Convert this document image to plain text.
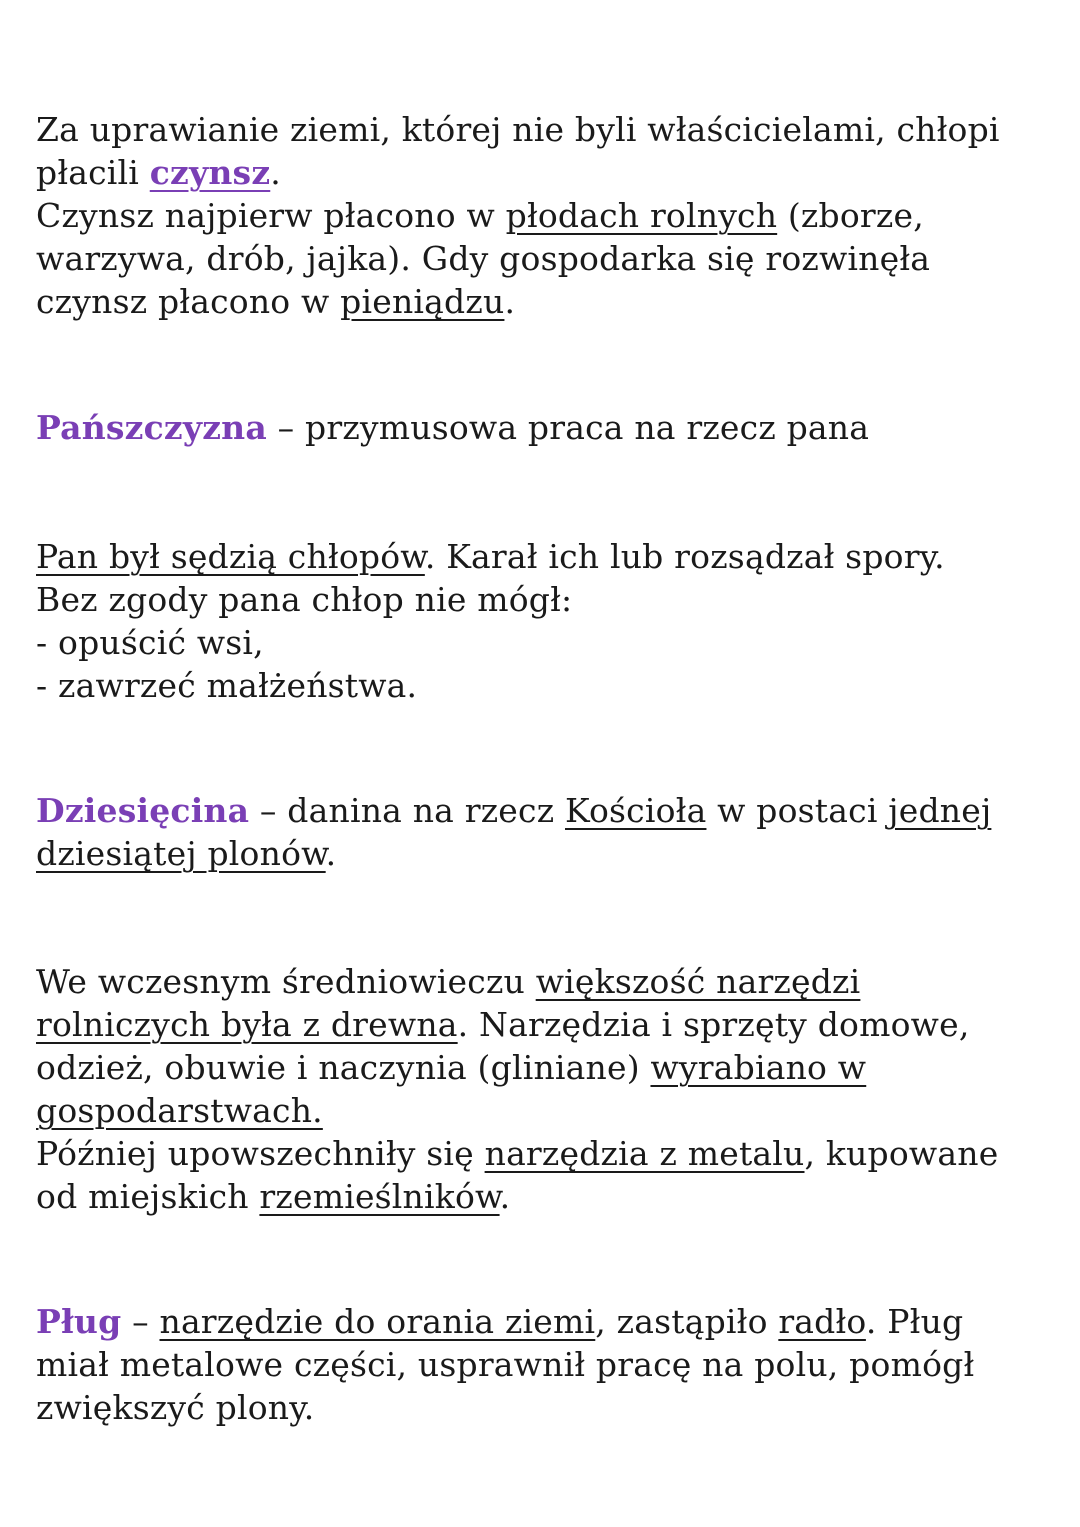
Za uprawianie ziemi, której nie byli właścicielami, chłopi
płacili czynsz.
Czynsz najpierw płacono w płodach rolnych (zborze,
warzywa, drób, jajka). Gdy gospodarka się rozwinęła
czynsz płacono w pieniądzu.
Pańszczyzna – przymusowa praca na rzecz pana
Pan był sędzią chłopów. Karał ich lub rozsądzał spory.
Bez zgody pana chłop nie mógł:
- opuścić wsi,
- zawrzeć małżeństwa.
Dziesięcina – danina na rzecz Kościoła w postaci jednej
dziesiątej plonów.
We wczesnym średniowieczu większość narzędzi
rolniczych była z drewna. Narzędzia i sprzęty domowe,
odzież, obuwie i naczynia (gliniane) wyrabiano w
gospodarstwach.
Później upowszechniły się narzędzia z metalu, kupowane
od miejskich rzemieślników.
Pług – narzędzie do orania ziemi, zastąpiło radło. Pług
miał metalowe części, usprawnił pracę na polu, pomógł
zwiększyć plony.
